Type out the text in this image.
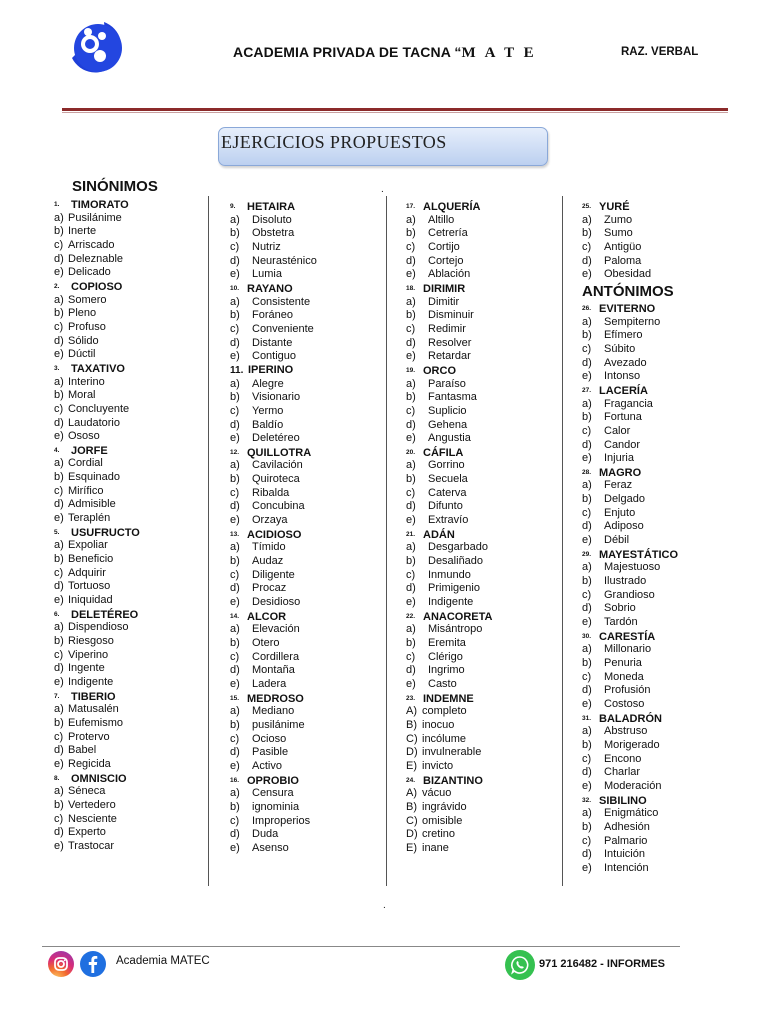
ACADEMIA PRIVADA DE TACNA “M A T E	RAZ. VERBAL
EJERCICIOS PROPUESTOS
SINÓNIMOS
1. TIMORATO
a) Pusilánime
b) Inerte
c) Arriscado
d) Deleznable
e) Delicado
2. COPIOSO
a) Somero
b) Pleno
c) Profuso
d) Sólido
e) Dúctil
3. TAXATIVO
a) Interino
b) Moral
c) Concluyente
d) Laudatorio
e) Ososo
4. JORFE
a) Cordial
b) Esquinado
c) Mirífico
d) Admisible
e) Teraplén
5. USUFRUCTO
a) Expoliar
b) Beneficio
c) Adquirir
d) Tortuoso
e) Iniquidad
6. DELETÉREO
a) Dispendioso
b) Riesgoso
c) Viperino
d) Ingente
e) Indigente
7. TIBERIO
a) Matusalén
b) Eufemismo
c) Protervo
d) Babel
e) Regicida
8. OMNISCIO
a) Séneca
b) Vertedero
c) Nesciente
d) Experto
e) Trastocar
9. HETAIRA
a) Disoluto
b) Obstetra
c) Nutriz
d) Neurasténico
e) Lumia
10. RAYANO
a) Consistente
b) Foráneo
c) Conveniente
d) Distante
e) Contiguo
11. IPERINO
a) Alegre
b) Visionario
c) Yermo
d) Baldío
e) Deletéreo
12. QUILLOTRA
a) Cavilación
b) Quiroteca
c) Ribalda
d) Concubina
e) Orzaya
13. ACIDIOSO
a) Tímido
b) Audaz
c) Diligente
d) Procaz
e) Desidioso
14. ALCOR
a) Elevación
b) Otero
c) Cordillera
d) Montaña
e) Ladera
15. MEDROSO
a) Mediano
b) pusilánime
c) Ocioso
d) Pasible
e) Activo
16. OPROBIO
a) Censura
b) ignominia
c) Improperios
d) Duda
e) Asenso
17. ALQUERÍA
a) Altillo
b) Cetrería
c) Cortijo
d) Cortejo
e) Ablación
18. DIRIMIR
a) Dimitir
b) Disminuir
c) Redimir
d) Resolver
e) Retardar
19. ORCO
a) Paraíso
b) Fantasma
c) Suplicio
d) Gehena
e) Angustia
20. CÁFILA
a) Gorrino
b) Secuela
c) Caterva
d) Difunto
e) Extravío
21. ADÁN
a) Desgarbado
b) Desaliñado
c) Inmundo
d) Primigenio
e) Indigente
22. ANACORETA
a) Misántropo
b) Eremita
c) Clérigo
d) Ingrimo
e) Casto
23. INDEMNE
A) completo
B) inocuo
C) incólume
D) invulnerable
E) invicto
24. BIZANTINO
A) vácuo
B) ingrávido
C) omisible
D) cretino
E) inane
25. YURÉ
a) Zumo
b) Sumo
c) Antigüo
d) Paloma
e) Obesidad
ANTÓNIMOS
26. EVITERNO
a) Sempiterno
b) Efímero
c) Súbito
d) Avezado
e) Intonso
27. LACERÍA
a) Fragancia
b) Fortuna
c) Calor
d) Candor
e) Injuria
28. MAGRO
a) Feraz
b) Delgado
c) Enjuto
d) Adiposo
e) Débil
29. MAYESTÁTICO
a) Majestuoso
b) Ilustrado
c) Grandioso
d) Sobrio
e) Tardón
30. CARESTÍA
a) Millonario
b) Penuria
c) Moneda
d) Profusión
e) Costoso
31. BALADRÓN
a) Abstruso
b) Morigerado
c) Encono
d) Charlar
e) Moderación
32. SIBILINO
a) Enigmático
b) Adhesión
c) Palmario
d) Intuición
e) Intención
Academia MATEC	971 216482 - INFORMES
.
.
